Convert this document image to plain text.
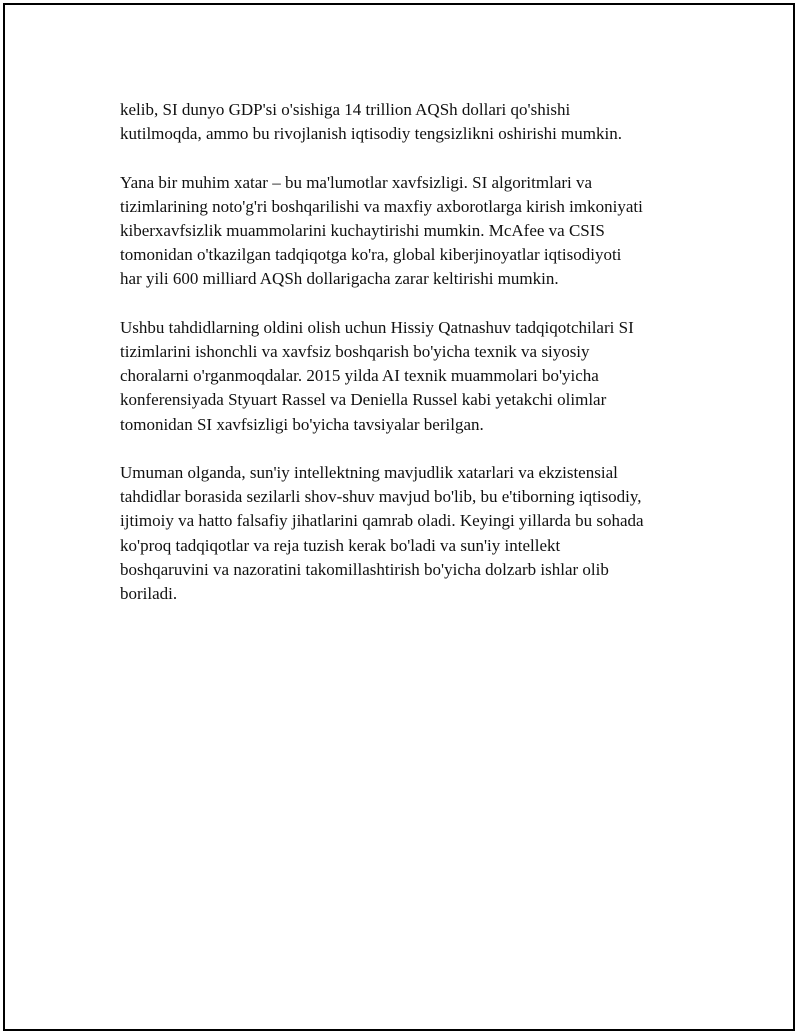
kelib, SI dunyo GDP'si o'sishiga 14 trillion AQSh dollari qo'shishi
kutilmoqda, ammo bu rivojlanish iqtisodiy tengsizlikni oshirishi mumkin.

Yana bir muhim xatar – bu ma'lumotlar xavfsizligi. SI algoritmlari va
tizimlarining noto'g'ri boshqarilishi va maxfiy axborotlarga kirish imkoniyati
kiberxavfsizlik muammolarini kuchaytirishi mumkin. McAfee va CSIS
tomonidan o'tkazilgan tadqiqotga ko'ra, global kiberjinoyatlar iqtisodiyoti
har yili 600 milliard AQSh dollarigacha zarar keltirishi mumkin.

Ushbu tahdidlarning oldini olish uchun Hissiy Qatnashuv tadqiqotchilari SI
tizimlarini ishonchli va xavfsiz boshqarish bo'yicha texnik va siyosiy
choralarni o'rganmoqdalar. 2015 yilda AI texnik muammolari bo'yicha
konferensiyada Styuart Rassel va Deniella Russel kabi yetakchi olimlar
tomonidan SI xavfsizligi bo'yicha tavsiyalar berilgan.

Umuman olganda, sun'iy intellektning mavjudlik xatarlari va ekzistensial
tahdidlar borasida sezilarli shov-shuv mavjud bo'lib, bu e'tiborning iqtisodiy,
ijtimoiy va hatto falsafiy jihatlarini qamrab oladi. Keyingi yillarda bu sohada
ko'proq tadqiqotlar va reja tuzish kerak bo'ladi va sun'iy intellekt
boshqaruvini va nazoratini takomillashtirish bo'yicha dolzarb ishlar olib
boriladi.
